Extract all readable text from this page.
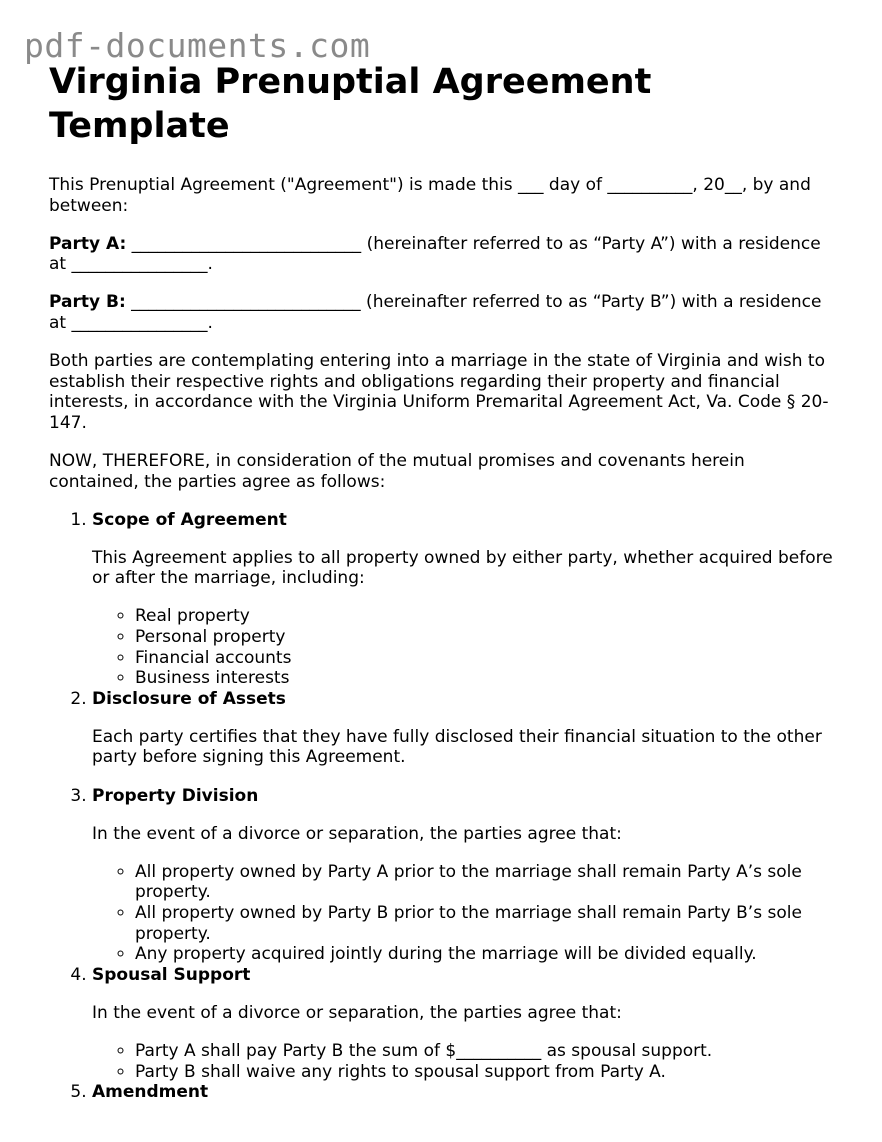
pdf-documents.com
Virginia Prenuptial Agreement Template

This Prenuptial Agreement ("Agreement") is made this ___ day of __________, 20__, by and between:

Party A: ___________________________ (hereinafter referred to as “Party A”) with a residence at ________________.

Party B: ___________________________ (hereinafter referred to as “Party B”) with a residence at ________________.

Both parties are contemplating entering into a marriage in the state of Virginia and wish to establish their respective rights and obligations regarding their property and financial interests, in accordance with the Virginia Uniform Premarital Agreement Act, Va. Code § 20-147.

NOW, THEREFORE, in consideration of the mutual promises and covenants herein contained, the parties agree as follows:

1. Scope of Agreement

This Agreement applies to all property owned by either party, whether acquired before or after the marriage, including:

◦ Real property
◦ Personal property
◦ Financial accounts
◦ Business interests
2. Disclosure of Assets

Each party certifies that they have fully disclosed their financial situation to the other party before signing this Agreement.

3. Property Division

In the event of a divorce or separation, the parties agree that:

◦ All property owned by Party A prior to the marriage shall remain Party A’s sole property.
◦ All property owned by Party B prior to the marriage shall remain Party B’s sole property.
◦ Any property acquired jointly during the marriage will be divided equally.
4. Spousal Support

In the event of a divorce or separation, the parties agree that:

◦ Party A shall pay Party B the sum of $__________ as spousal support.
◦ Party B shall waive any rights to spousal support from Party A.
5. Amendment
